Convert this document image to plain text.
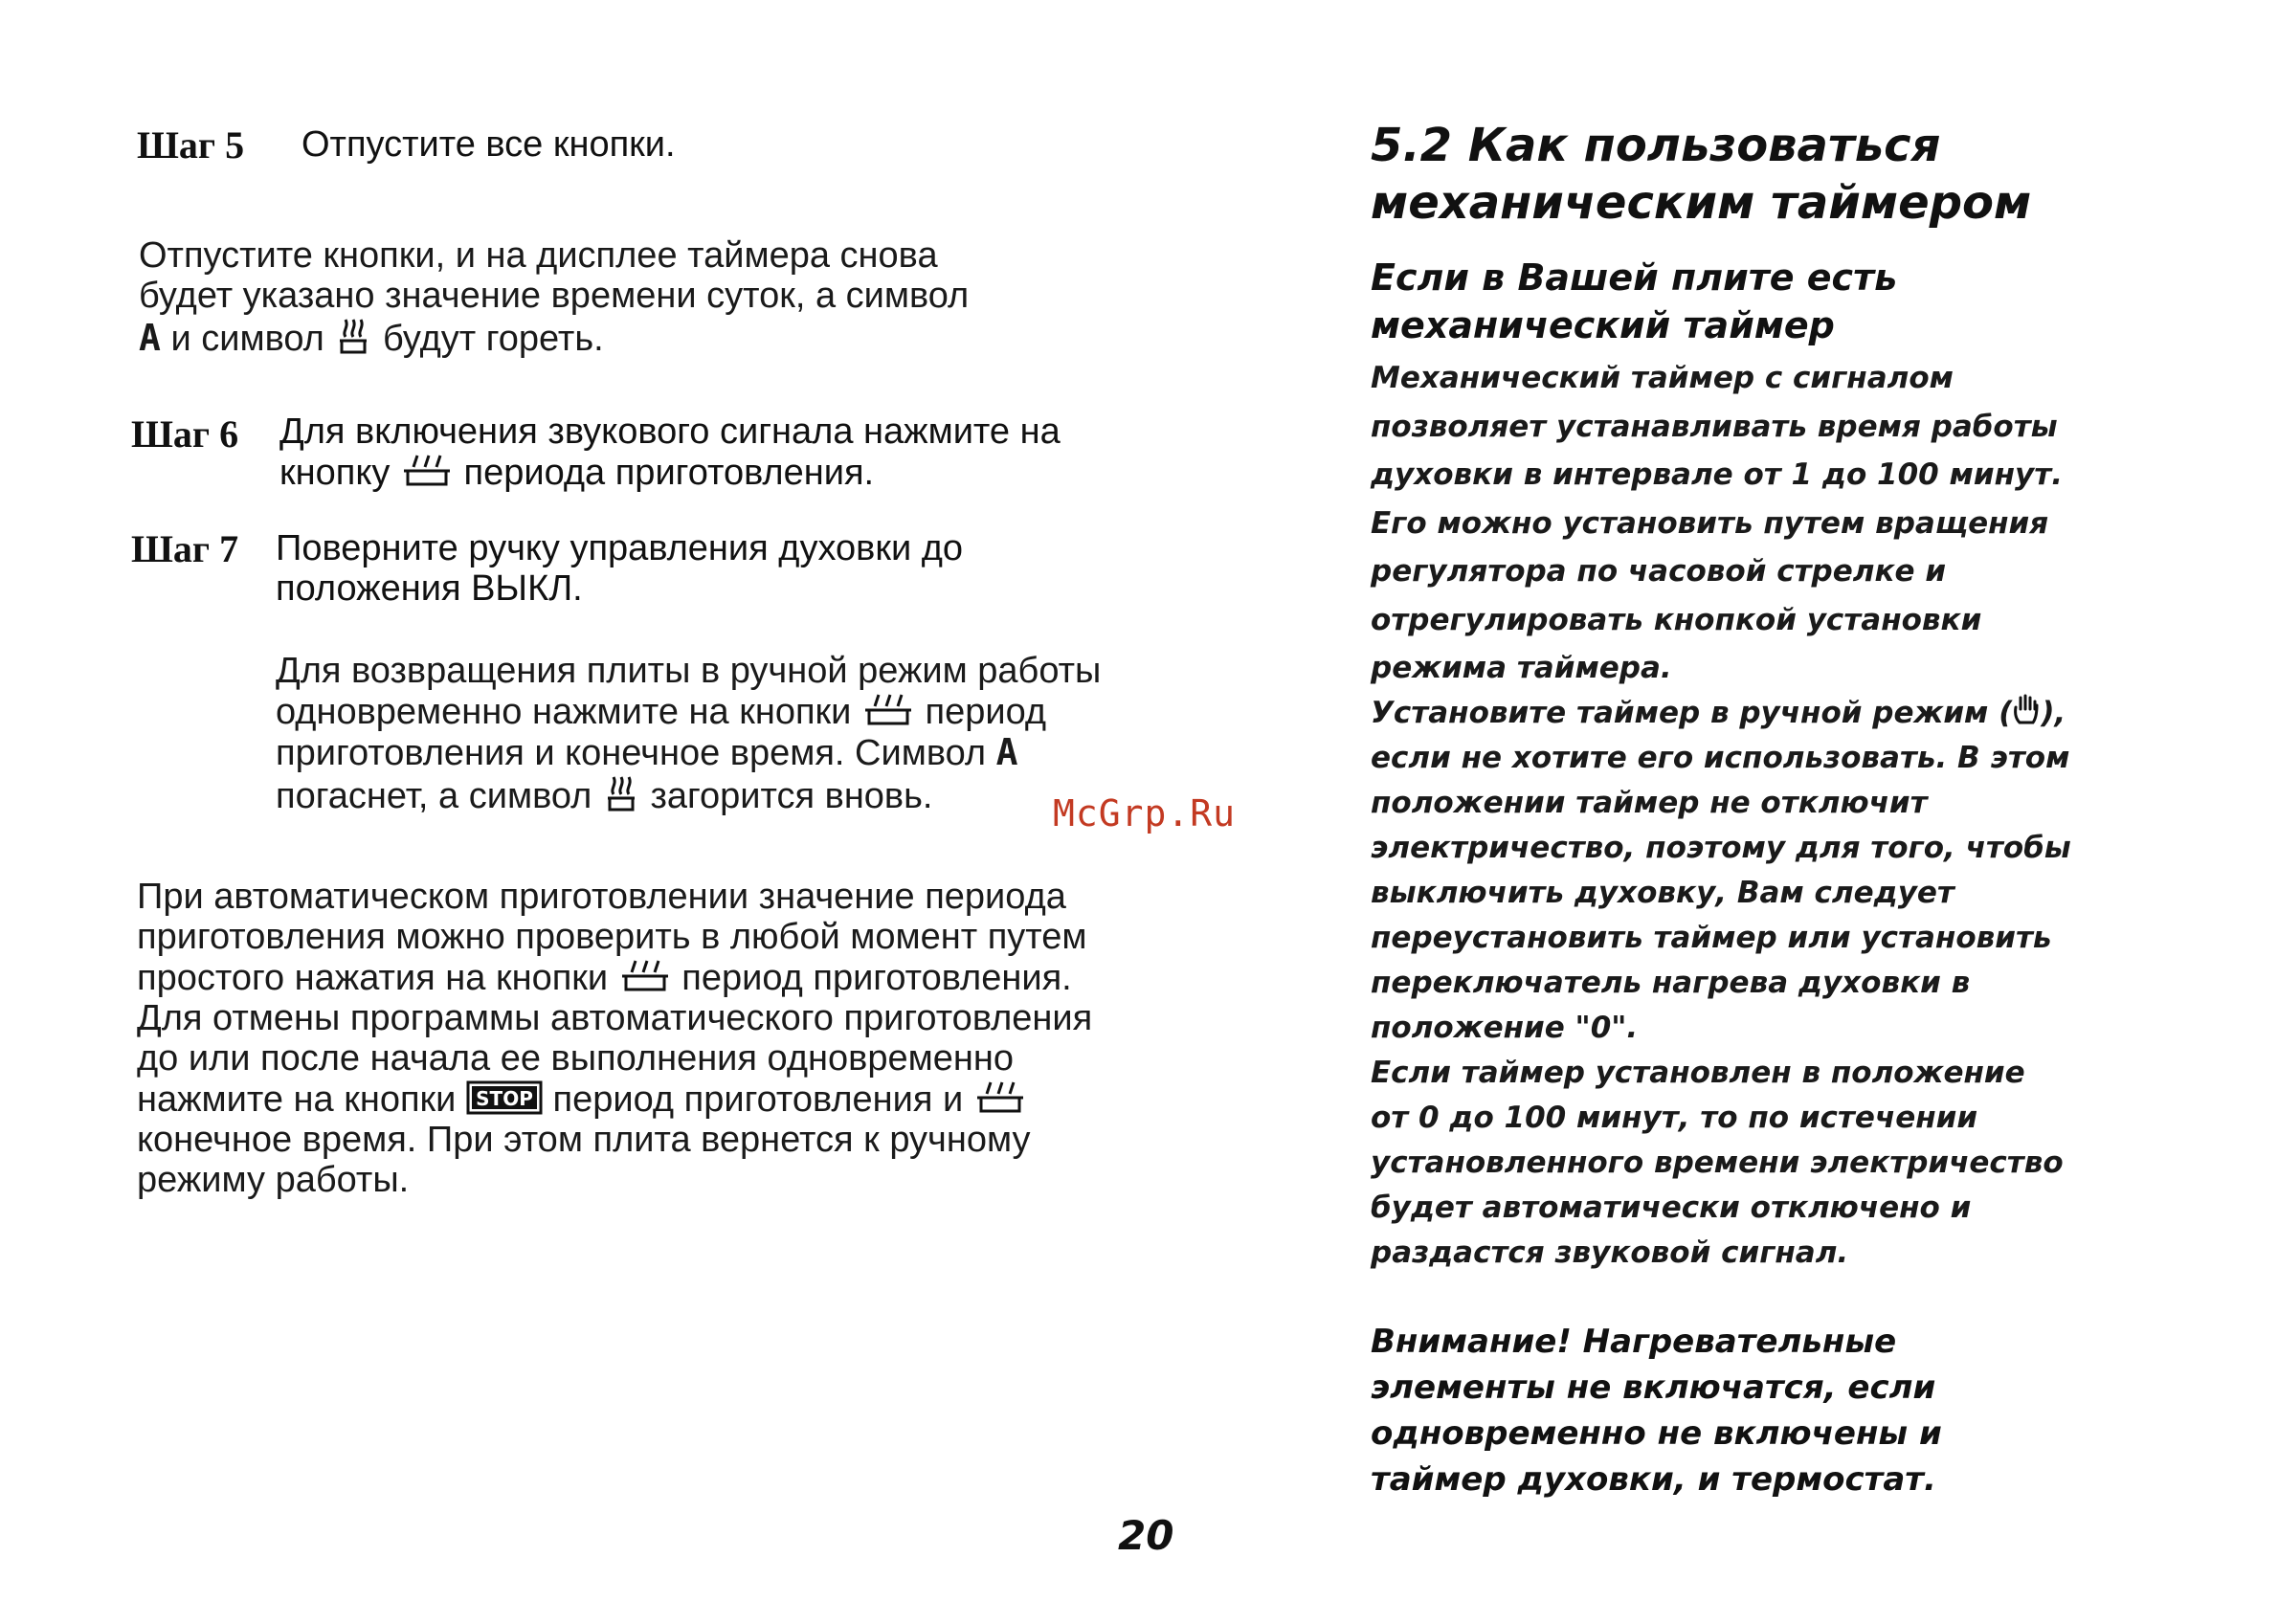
Шаг 5 Отпустите все кнопки.
Отпустите кнопки, и на дисплее таймера снова
будет указано значение времени суток, а символ
A и символ будут гореть.
Шаг 6 Для включения звукового сигнала нажмите на
кнопку периода приготовления.
Шаг 7 Поверните ручку управления духовки до
положения ВЫКЛ.
Для возвращения плиты в ручной режим работы
одновременно нажмите на кнопки период
приготовления и конечное время. Символ A
погаснет, а символ загорится вновь.	McGrp.Ru
При автоматическом приготовлении значение периода
приготовления можно проверить в любой момент путем
простого нажатия на кнопки период приготовления.
Для отмены программы автоматического приготовления
до или после начала ее выполнения одновременно
нажмите на кнопки STOP период приготовления и
конечное время. При этом плита вернется к ручному
режиму работы.
5.2 Как пользоваться
механическим таймером
Если в Вашей плите есть
механический таймер
Механический таймер с сигналом
позволяет устанавливать время работы
духовки в интервале от 1 до 100 минут.
Его можно установить путем вращения
регулятора по часовой стрелке и
отрегулировать кнопкой установки
режима таймера.
Установите таймер в ручной режим ( ),
если не хотите его использовать. В этом
положении таймер не отключит
электричество, поэтому для того, чтобы
выключить духовку, Вам следует
переустановить таймер или установить
переключатель нагрева духовки в
положение "0".
Если таймер установлен в положение
от 0 до 100 минут, то по истечении
установленного времени электричество
будет автоматически отключено и
раздастся звуковой сигнал.
Внимание! Нагревательные
элементы не включатся, если
одновременно не включены и
таймер духовки, и термостат.
20
